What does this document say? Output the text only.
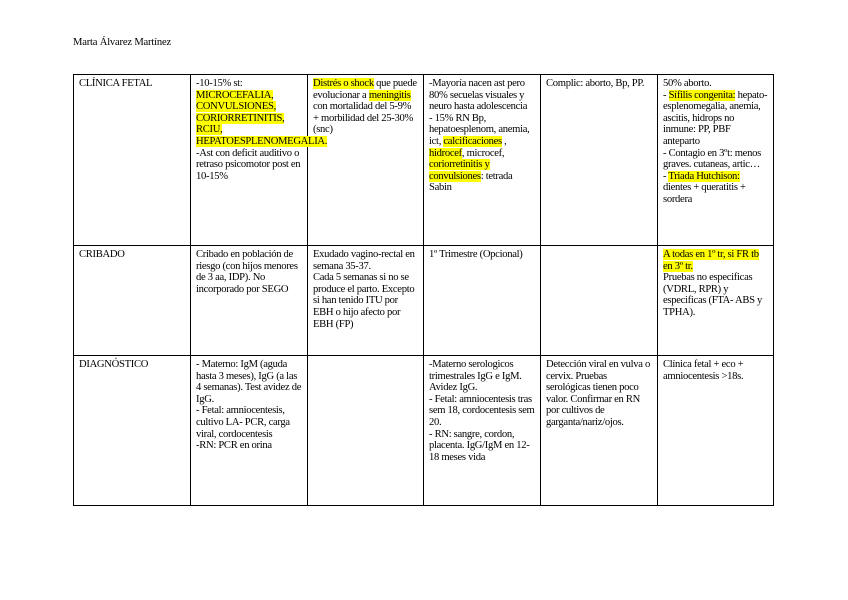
Marta Álvarez Martínez
CLÍNICA FETAL	-10-15% st: MICROCEFALIA, CONVULSIONES, CORIORRETINITIS, RCIU, HEPATOESPLENOMEGALIA.
-Ast con deficit auditivo o retraso psicomotor post en 10-15%	Distrés o shock que puede evolucionar a meningitis con mortalidad del 5-9% + morbilidad del 25-30% (snc)	-Mayoría nacen ast pero 80% secuelas visuales y neuro hasta adolescencia
- 15% RN Bp, hepatoesplenom, anemia, ict, calcificaciones , hidrocef, microcef, coriorretinitis y convulsiones: tetrada Sabin	Complic: aborto, Bp, PP.	50% aborto.
- Sífilis congenita: hepato-esplenomegalia, anemia, ascitis, hidrops no inmune: PP, PBF anteparto
- Contagio en 3ºt: menos graves. cutaneas, artic…
- Triada Hutchison: dientes + queratitis + sordera
CRIBADO	Cribado en población de riesgo (con hijos menores de 3 aa, IDP). No incorporado por SEGO	Exudado vagino-rectal en semana 35-37.
Cada 5 semanas si no se produce el parto. Excepto si han tenido ITU por EBH o hijo afecto por EBH (FP)	1º Trimestre (Opcional)		A todas en 1º tr, si FR tb en 3º tr.
Pruebas no especificas (VDRL, RPR) y especificas (FTA- ABS y TPHA).
DIAGNÓSTICO	- Materno: IgM (aguda hasta 3 meses), IgG (a las 4 semanas). Test avidez de IgG.
- Fetal: amniocentesis, cultivo LA- PCR, carga viral, cordocentesis
-RN: PCR en orina		-Materno serologicos trimestrales IgG e IgM.
Avidez IgG.
- Fetal: amniocentesis tras sem 18, cordocentesis sem 20.
- RN: sangre, cordon, placenta. IgG/IgM en 12-18 meses vida	Detección viral en vulva o cervix. Pruebas serológicas tienen poco valor. Confirmar en RN por cultivos de garganta/nariz/ojos.	Clínica fetal + eco + amniocentesis >18s.
